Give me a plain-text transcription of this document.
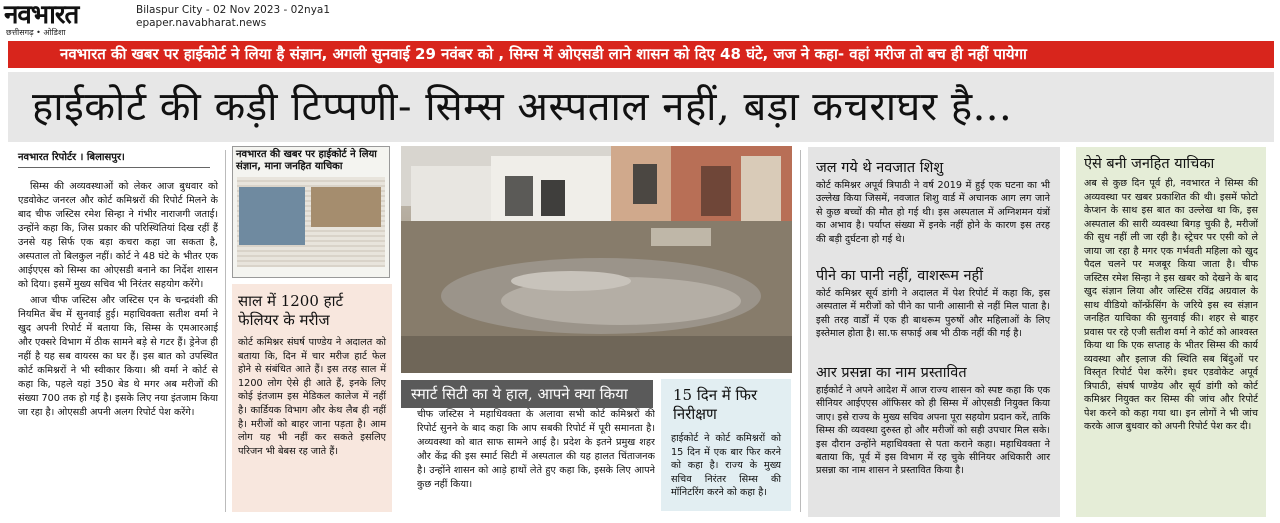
नवभारत
छत्तीसगढ़ • ओडिशा
Bilaspur City - 02 Nov 2023 - 02nya1
epaper.navabharat.news
नवभारत की खबर पर हाईकोर्ट ने लिया है संज्ञान, अगली सुनवाई 29 नवंबर को , सिम्स में ओएसडी लाने शासन को दिए 48 घंटे, जज ने कहा- वहां मरीज तो बच ही नहीं पायेगा
हाईकोर्ट की कड़ी टिप्पणी- सिम्स अस्पताल नहीं, बड़ा कचराघर है...
नवभारत रिपोर्टर । बिलासपुर।

सिम्स की अव्यवस्थाओं को लेकर आज बुधवार को एडवोकेट जनरल और कोर्ट कमिश्नरों की रिपोर्ट मिलने के बाद चीफ जस्टिस रमेश सिन्हा ने गंभीर नाराजगी जताई। उन्होंने कहा कि, जिस प्रकार की परिस्थितियां दिख रहीं हैं उनसे यह सिर्फ एक बड़ा कचरा कहा जा सकता है, अस्पताल तो बिलकुल नहीं। कोर्ट ने 48 घंटे के भीतर एक आईएएस को सिम्स का ओएसडी बनाने का निर्देश शासन को दिया। इसमें मुख्य सचिव भी निरंतर सहयोग करेंगे।

आज चीफ जस्टिस और जस्टिस एन के चन्द्रवंशी की नियमित बेंच में सुनवाई हुई। महाधिवक्ता सतीश वर्मा ने खुद अपनी रिपोर्ट में बताया कि, सिम्स के एमआरआई और एक्सरे विभाग में ठीक सामने बड़े से गटर हैं। ड्रेनेज ही नहीं है यह सब वायरस का घर हैं। इस बात को उपस्थित कोर्ट कमिश्नरों ने भी स्वीकार किया। श्री वर्मा ने कोर्ट से कहा कि, पहले यहां 350 बेड थे मगर अब मरीजों की संख्या 700 तक हो गई है। इसके लिए नया इंतजाम किया जा रहा है। ओएसडी अपनी अलग रिपोर्ट पेश करेंगे।

नवभारत की खबर पर हाईकोर्ट ने लिया संज्ञान, माना जनहित याचिका
साल में 1200 हार्ट फेलियर के मरीज
कोर्ट कमिश्नर संघर्ष पाण्डेय ने अदालत को बताया कि, दिन में चार मरीज हार्ट फेल होने से संबंधित आते हैं। इस तरह साल में 1200 लोग ऐसे ही आते हैं, इनके लिए कोई इंतजाम इस मेडिकल कालेज में नहीं है। कार्डियक विभाग और केथ लैब ही नहीं है। मरीजों को बाहर जाना पड़ता है। आम लोग यह भी नहीं कर सकते इसलिए परिजन भी बेबस रह जाते हैं।
स्मार्ट सिटी का ये हाल, आपने क्या किया
चीफ जस्टिस ने महाधिवक्ता के अलावा सभी कोर्ट कमिश्नरों की रिपोर्ट सुनने के बाद कहा कि आप सबकी रिपोर्ट में पूरी समानता है। अव्यवस्था को बात साफ सामने आई है। प्रदेश के इतने प्रमुख शहर और केंद्र की इस स्मार्ट सिटी में अस्पताल की यह हालत चिंताजनक है। उन्होंने शासन को आड़े हाथों लेते हुए कहा कि, इसके लिए आपने कुछ नहीं किया।
15 दिन में फिर निरीक्षण
हाईकोर्ट ने कोर्ट कमिश्नरों को 15 दिन में एक बार फिर करने को कहा है। राज्य के मुख्य सचिव निरंतर सिम्स की मॉनिटरिंग करने को कहा है।
जल गये थे नवजात शिशु
कोर्ट कमिश्नर अपूर्व त्रिपाठी ने वर्ष 2019 में हुई एक घटना का भी उल्लेख किया जिसमें, नवजात शिशु वार्ड में अचानक आग लग जाने से कुछ बच्चों की मौत हो गई थी। इस अस्पताल में अग्निशमन यंत्रों का अभाव है। पर्याप्त संख्या में इनके नहीं होने के कारण इस तरह की बड़ी दुर्घटना हो गई थे।
पीने का पानी नहीं, वाशरूम नहीं
कोर्ट कमिश्नर सूर्य डांगी ने अदालत में पेश रिपोर्ट में कहा कि, इस अस्पताल में मरीजों को पीने का पानी आसानी से नहीं मिल पाता है। इसी तरह वार्डों में एक ही बाथरूम पुरुषों और महिलाओं के लिए इस्तेमाल होता है। सा.फ सफाई अब भी ठीक नहीं की गई है।
आर प्रसन्ना का नाम प्रस्तावित
हाईकोर्ट ने अपने आदेश में आज राज्य शासन को स्पष्ट कहा कि एक सीनियर आईएएस ऑफिसर को ही सिम्स में ओएसडी नियुक्त किया जाए। इसे राज्य के मुख्य सचिव अपना पूरा सहयोग प्रदान करें, ताकि सिम्स की व्यवस्था दुरुस्त हो और मरीजों को सही उपचार मिल सके। इस दौरान उन्होंने महाधिवक्ता से पता कराने कहा। महाधिवक्ता ने बताया कि, पूर्व में इस विभाग में रह चुके सीनियर अधिकारी आर प्रसन्ना का नाम शासन ने प्रस्तावित किया है।
ऐसे बनी जनहित याचिका
अब से कुछ दिन पूर्व ही, नवभारत ने सिम्स की अव्यवस्था पर खबर प्रकाशित की थी। इसमें फोटो केप्शन के साथ इस बात का उल्लेख था कि, इस अस्पताल की सारी व्यवस्था बिगड़ चुकी है, मरीजों की सुध नहीं ली जा रही है। स्ट्रेचर पर एसी को ले जाया जा रहा है मगर एक गर्भवती महिला को खुद पैदल चलने पर मजबूर किया जाता है। चीफ जस्टिस रमेश सिन्हा ने इस खबर को देखने के बाद खुद संज्ञान लिया और जस्टिस रविंद्र अग्रवाल के साथ वीडियो कॉन्फ्रेंसिंग के जरिये इस स्व संज्ञान जनहित याचिका की सुनवाई की। शहर से बाहर प्रवास पर रहे एजी सतीश वर्मा ने कोर्ट को आश्वस्त किया था कि एक सप्ताह के भीतर सिम्स की कार्य व्यवस्था और इलाज की स्थिति सब बिंदुओं पर विस्तृत रिपोर्ट पेश करेंगे। इधर एडवोकेट अपूर्व त्रिपाठी, संघर्ष पाण्डेय और सूर्य डांगी को कोर्ट कमिश्नर नियुक्त कर सिम्स की जांच और रिपोर्ट पेश करने को कहा गया था। इन लोगों ने भी जांच करके आज बुधवार को अपनी रिपोर्ट पेश कर दी।
